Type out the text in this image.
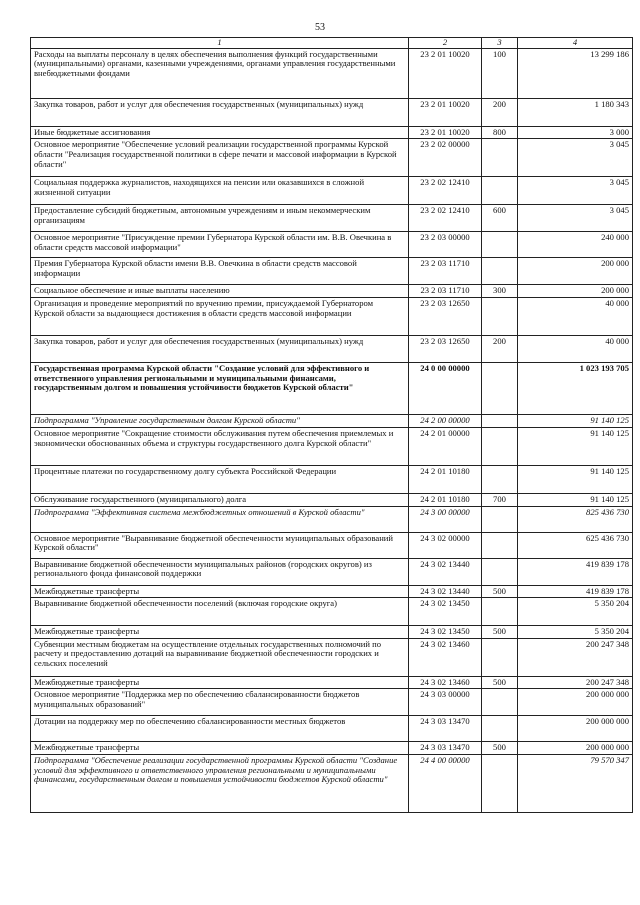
53
1	2	3	4
Расходы на выплаты персоналу в целях обеспечения выполнения функций государственными (муниципальными) органами, казенными учреждениями, органами управления государственными внебюджетными фондами	23 2 01 10020	100	13 299 186
Закупка товаров, работ и услуг для обеспечения государственных (муниципальных) нужд	23 2 01 10020	200	1 180 343
Иные бюджетные ассигнования	23 2 01 10020	800	3 000
Основное мероприятие "Обеспечение условий реализации государственной программы Курской области "Реализация государственной политики в сфере печати и массовой информации в Курской области"	23 2 02 00000		3 045
Социальная поддержка журналистов, находящихся на пенсии или оказавшихся в сложной жизненной ситуации	23 2 02 12410		3 045
Предоставление субсидий бюджетным, автономным учреждениям и иным некоммерческим организациям	23 2 02 12410	600	3 045
Основное мероприятие "Присуждение премии Губернатора Курской области им. В.В. Овечкина в области средств массовой информации"	23 2 03 00000		240 000
Премия Губернатора Курской области имени В.В. Овечкина в области средств массовой информации	23 2 03 11710		200 000
Социальное обеспечение и иные выплаты населению	23 2 03 11710	300	200 000
Организация и проведение мероприятий по вручению премии, присуждаемой Губернатором Курской области за выдающиеся достижения в области средств массовой информации	23 2 03 12650		40 000
Закупка товаров, работ и услуг для обеспечения государственных (муниципальных) нужд	23 2 03 12650	200	40 000
Государственная программа Курской области "Создание условий для эффективного и ответственного управления региональными и муниципальными финансами, государственным долгом и повышения устойчивости бюджетов Курской области"	24 0 00 00000		1 023 193 705
Подпрограмма "Управление государственным долгом Курской области"	24 2 00 00000		91 140 125
Основное мероприятие "Сокращение стоимости обслуживания путем обеспечения приемлемых и экономически обоснованных объема и структуры государственного долга Курской области"	24 2 01 00000		91 140 125
Процентные платежи по государственному долгу субъекта Российской Федерации	24 2 01 10180		91 140 125
Обслуживание государственного (муниципального) долга	24 2 01 10180	700	91 140 125
Подпрограмма "Эффективная система межбюджетных отношений в Курской области"	24 3 00 00000		825 436 730
Основное мероприятие "Выравнивание бюджетной обеспеченности муниципальных образований Курской области"	24 3 02 00000		625 436 730
Выравнивание бюджетной обеспеченности муниципальных районов (городских округов) из регионального фонда финансовой поддержки	24 3 02 13440		419 839 178
Межбюджетные трансферты	24 3 02 13440	500	419 839 178
Выравнивание бюджетной обеспеченности поселений (включая городские округа)	24 3 02 13450		5 350 204
Межбюджетные трансферты	24 3 02 13450	500	5 350 204
Субвенции местным бюджетам на осуществление отдельных государственных полномочий по расчету и предоставлению дотаций на выравнивание бюджетной обеспеченности городских и сельских поселений	24 3 02 13460		200 247 348
Межбюджетные трансферты	24 3 02 13460	500	200 247 348
Основное мероприятие "Поддержка мер по обеспечению сбалансированности бюджетов муниципальных образований"	24 3 03 00000		200 000 000
Дотации на поддержку мер по обеспечению сбалансированности местных бюджетов	24 3 03 13470		200 000 000
Межбюджетные трансферты	24 3 03 13470	500	200 000 000
Подпрограмма "Обеспечение реализации государственной программы Курской области "Создание условий для эффективного и ответственного управления региональными и муниципальными финансами, государственным долгом и повышения устойчивости бюджетов Курской области"	24 4 00 00000		79 570 347
